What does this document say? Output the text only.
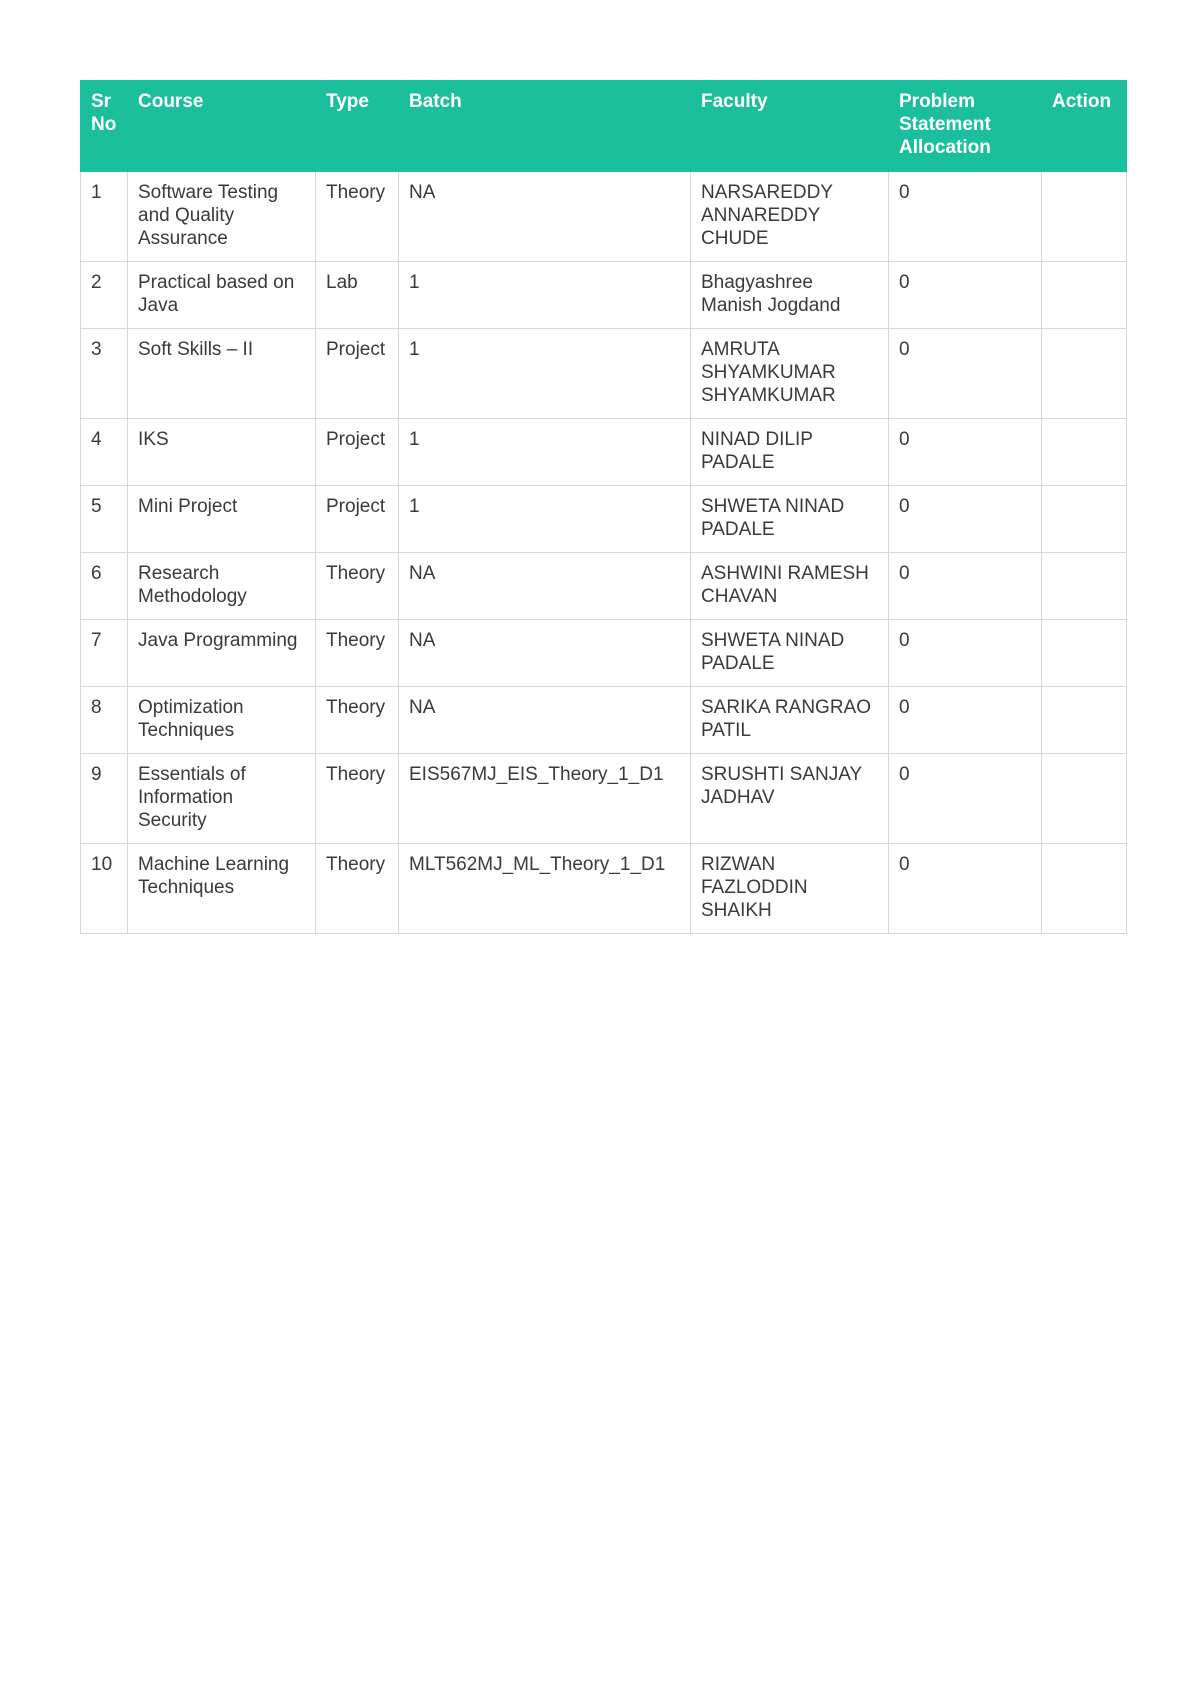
Sr No	Course	Type	Batch	Faculty	Problem Statement Allocation	Action
1	Software Testing and Quality Assurance	Theory	NA	NARSAREDDY ANNAREDDY CHUDE	0	
2	Practical based on Java	Lab	1	Bhagyashree Manish Jogdand	0	
3	Soft Skills – II	Project	1	AMRUTA SHYAMKUMAR SHYAMKUMAR	0	
4	IKS	Project	1	NINAD DILIP PADALE	0	
5	Mini Project	Project	1	SHWETA NINAD PADALE	0	
6	Research Methodology	Theory	NA	ASHWINI RAMESH CHAVAN	0	
7	Java Programming	Theory	NA	SHWETA NINAD PADALE	0	
8	Optimization Techniques	Theory	NA	SARIKA RANGRAO PATIL	0	
9	Essentials of Information Security	Theory	EIS567MJ_EIS_Theory_1_D1	SRUSHTI SANJAY JADHAV	0	
10	Machine Learning Techniques	Theory	MLT562MJ_ML_Theory_1_D1	RIZWAN FAZLODDIN SHAIKH	0	
